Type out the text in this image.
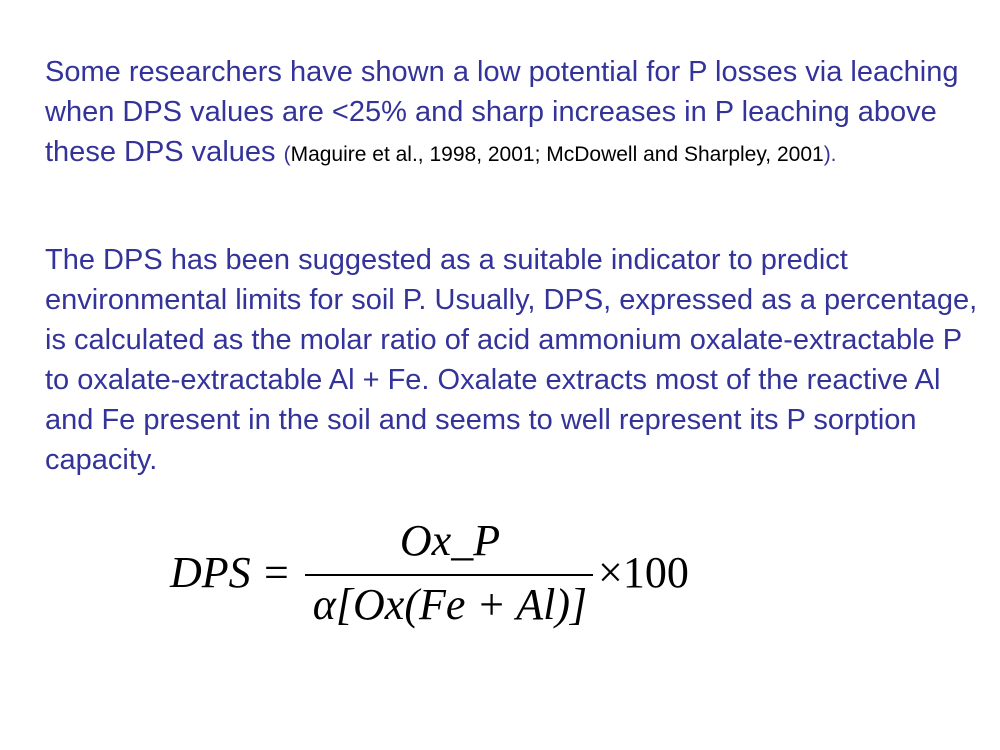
Some researchers have shown a low potential for P losses via leaching when DPS values are <25% and sharp increases in P leaching above these DPS values (Maguire et al., 1998, 2001; McDowell and Sharpley, 2001).

The DPS has been suggested as a suitable indicator to predict environmental limits for soil P. Usually, DPS, expressed as a percentage, is calculated as the molar ratio of acid ammonium oxalate-extractable P to oxalate-extractable Al + Fe. Oxalate extracts most of the reactive Al and Fe present in the soil and seems to well represent its P sorption capacity.

DPS =
Ox_P
α[Ox(Fe + Al)]
×100
